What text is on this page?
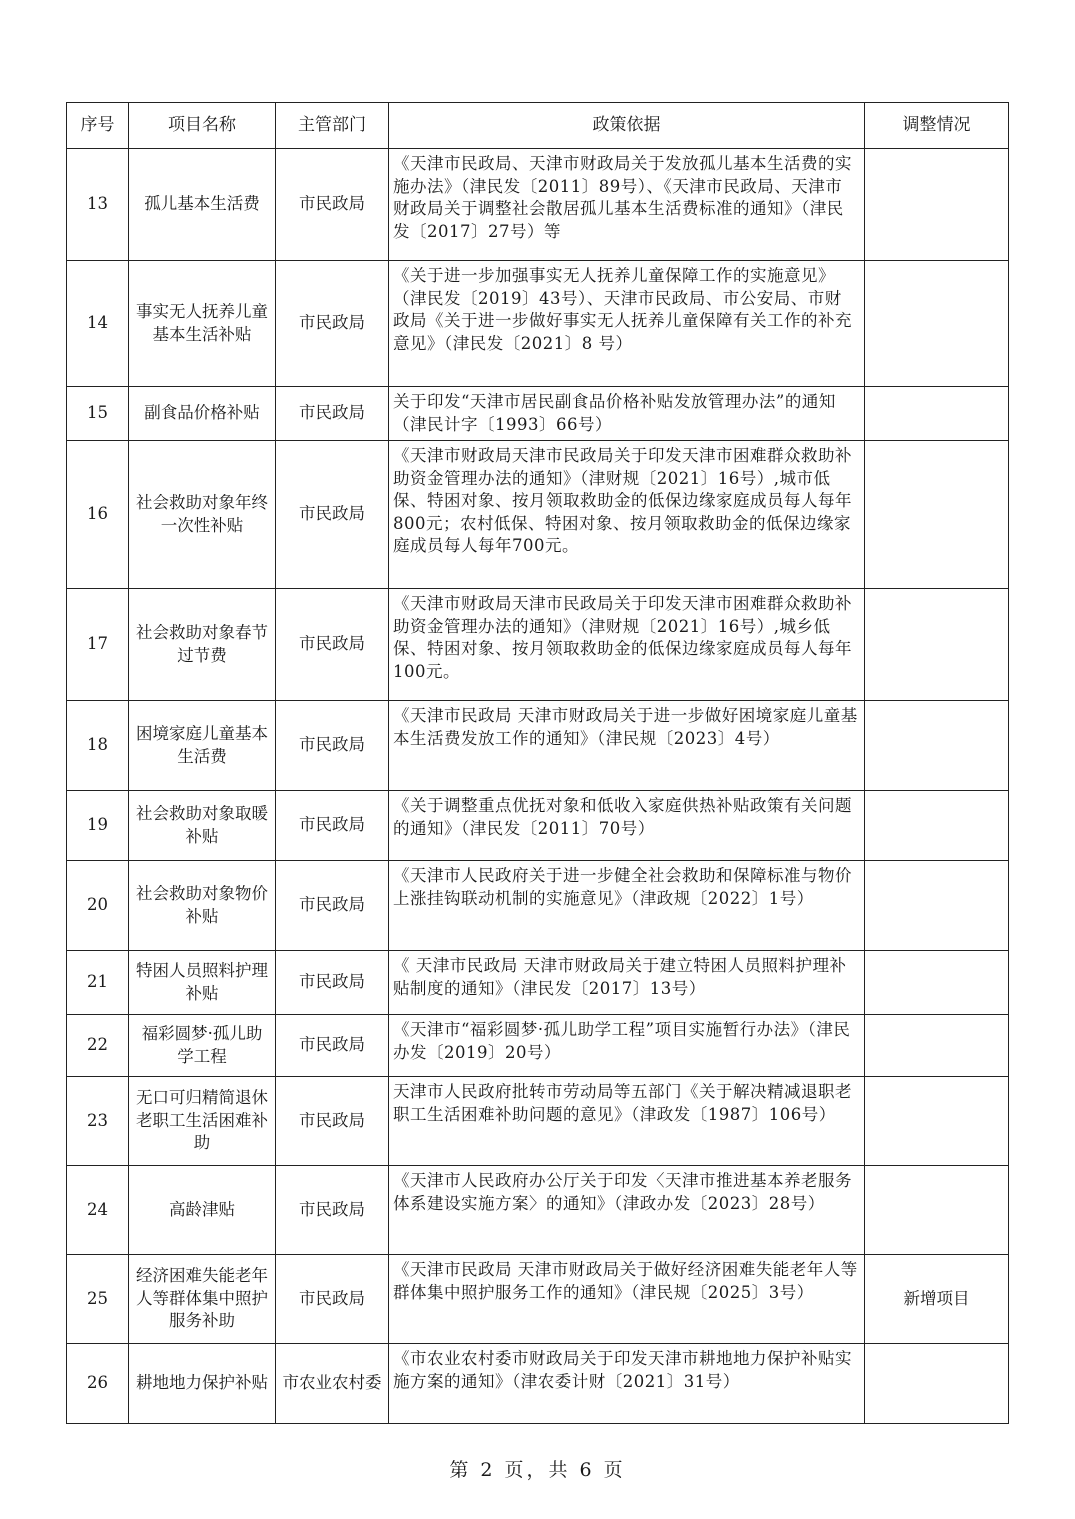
序号	项目名称	主管部门	政策依据	调整情况
13	孤儿基本生活费	市民政局	《天津市民政局、天津市财政局关于发放孤儿基本生活费的实施办法》（津民发〔2011〕89号）、《天津市民政局、天津市财政局关于调整社会散居孤儿基本生活费标准的通知》（津民发〔2017〕27号）等	
14	事实无人抚养儿童基本生活补贴	市民政局	《关于进一步加强事实无人抚养儿童保障工作的实施意见》（津民发〔2019〕43号）、天津市民政局、市公安局、市财政局《关于进一步做好事实无人抚养儿童保障有关工作的补充意见》（津民发〔2021〕8 号）	
15	副食品价格补贴	市民政局	关于印发“天津市居民副食品价格补贴发放管理办法”的通知 （津民计字〔1993〕66号）	
16	社会救助对象年终一次性补贴	市民政局	《天津市财政局天津市民政局关于印发天津市困难群众救助补助资金管理办法的通知》（津财规〔2021〕16号）,城市低保、特困对象、按月领取救助金的低保边缘家庭成员每人每年800元；农村低保、特困对象、按月领取救助金的低保边缘家庭成员每人每年700元。	
17	社会救助对象春节过节费	市民政局	《天津市财政局天津市民政局关于印发天津市困难群众救助补助资金管理办法的通知》（津财规〔2021〕16号）,城乡低保、特困对象、按月领取救助金的低保边缘家庭成员每人每年100元。	
18	困境家庭儿童基本生活费	市民政局	《天津市民政局 天津市财政局关于进一步做好困境家庭儿童基本生活费发放工作的通知》（津民规〔2023〕4号）	
19	社会救助对象取暖补贴	市民政局	《关于调整重点优抚对象和低收入家庭供热补贴政策有关问题的通知》（津民发〔2011〕70号）	
20	社会救助对象物价补贴	市民政局	《天津市人民政府关于进一步健全社会救助和保障标准与物价上涨挂钩联动机制的实施意见》（津政规〔2022〕1号）	
21	特困人员照料护理补贴	市民政局	《 天津市民政局 天津市财政局关于建立特困人员照料护理补贴制度的通知》（津民发〔2017〕13号）	
22	福彩圆梦·孤儿助学工程	市民政局	《天津市“福彩圆梦·孤儿助学工程”项目实施暂行办法》（津民办发〔2019〕20号）	
23	无口可归精简退休老职工生活困难补助	市民政局	天津市人民政府批转市劳动局等五部门《关于解决精减退职老职工生活困难补助问题的意见》（津政发〔1987〕106号）	
24	高龄津贴	市民政局	《天津市人民政府办公厅关于印发〈天津市推进基本养老服务体系建设实施方案〉的通知》（津政办发〔2023〕28号）	
25	经济困难失能老年人等群体集中照护服务补助	市民政局	《天津市民政局 天津市财政局关于做好经济困难失能老年人等群体集中照护服务工作的通知》（津民规〔2025〕3号）	新增项目
26	耕地地力保护补贴	市农业农村委	《市农业农村委市财政局关于印发天津市耕地地力保护补贴实施方案的通知》（津农委计财〔2021〕31号）	
第 2 页，共 6 页
